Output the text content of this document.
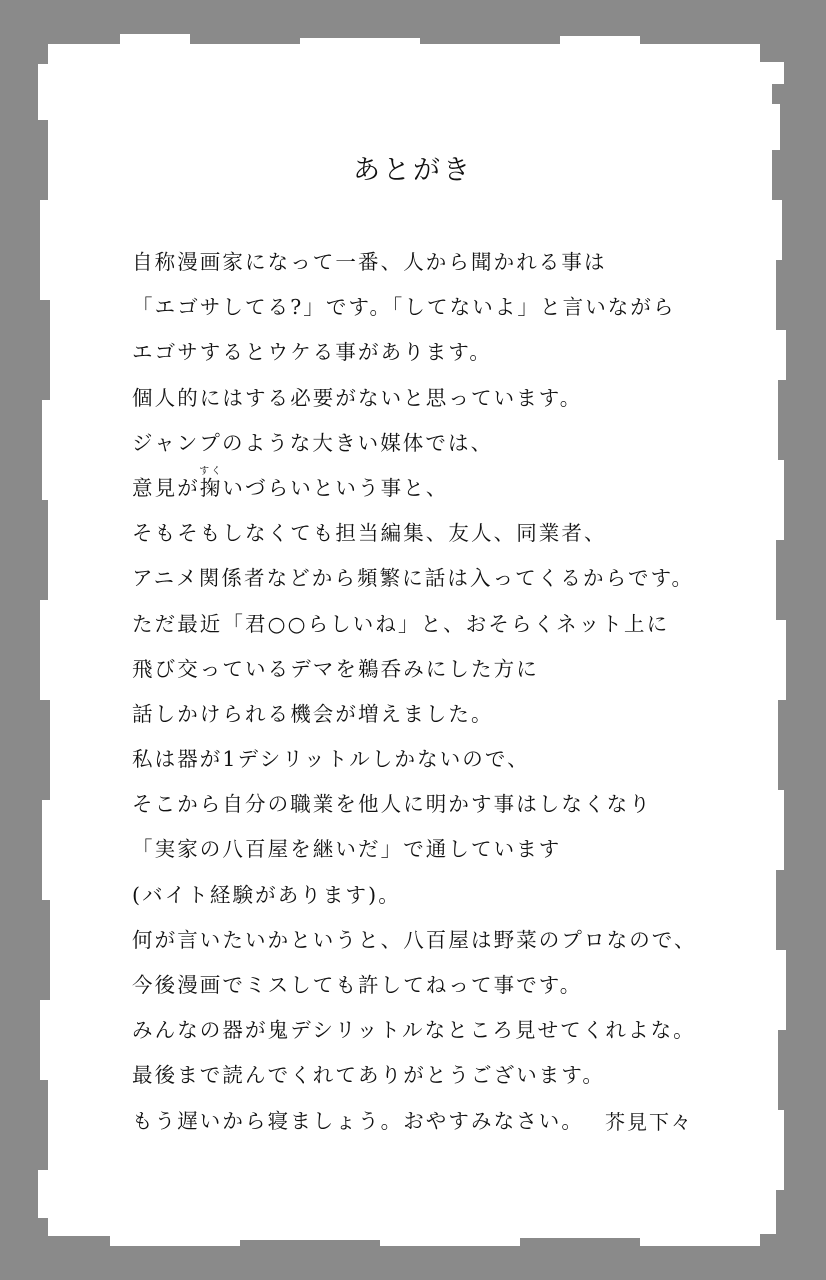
あとがき
自称漫画家になって一番、人から聞かれる事は
「エゴサしてる?」です。「してないよ」と言いながら
エゴサするとウケる事があります。
個人的にはする必要がないと思っています。
ジャンプのような大きい媒体では、
意見が掬すくいづらいという事と、
そもそもしなくても担当編集、友人、同業者、
アニメ関係者などから頻繁に話は入ってくるからです。
ただ最近「君○○らしいね」と、おそらくネット上に
飛び交っているデマを鵜呑みにした方に
話しかけられる機会が増えました。
私は器が1デシリットルしかないので、
そこから自分の職業を他人に明かす事はしなくなり
「実家の八百屋を継いだ」で通しています
(バイト経験があります)。
何が言いたいかというと、八百屋は野菜のプロなので、
今後漫画でミスしても許してねって事です。
みんなの器が鬼デシリットルなところ見せてくれよな。
最後まで読んでくれてありがとうございます。
もう遅いから寝ましょう。おやすみなさい。	芥見下々
